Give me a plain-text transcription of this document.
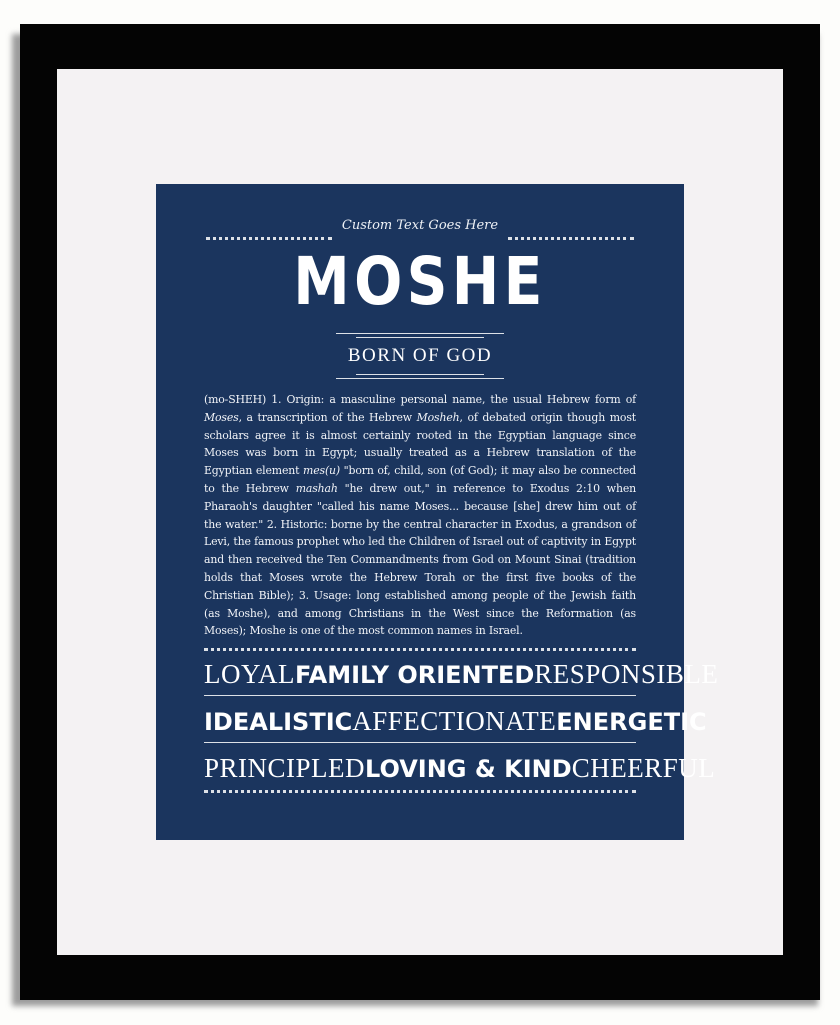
Custom Text Goes Here
MOSHE
BORN OF GOD

(mo-SHEH) 1. Origin: a masculine personal name, the usual Hebrew form of Moses, a transcription of the Hebrew Mosheh, of debated origin though most scholars agree it is almost certainly rooted in the Egyptian language since Moses was born in Egypt; usually treated as a Hebrew translation of the Egyptian element mes(u) "born of, child, son (of God); it may also be connected to the Hebrew mashah "he drew out," in reference to Exodus 2:10 when Pharaoh's daughter "called his name Moses... because [she] drew him out of the water." 2. Historic: borne by the central character in Exodus, a grandson of Levi, the famous prophet who led the Children of Israel out of captivity in Egypt and then received the Ten Commandments from God on Mount Sinai (tradition holds that Moses wrote the Hebrew Torah or the first five books of the Christian Bible); 3. Usage: long established among people of the Jewish faith (as Moshe), and among Christians in the West since the Reformation (as Moses); Moshe is one of the most common names in Israel.

LOYAL FAMILY ORIENTED RESPONSIBLE
IDEALISTIC AFFECTIONATE ENERGETIC
PRINCIPLED LOVING & KIND CHEERFUL
